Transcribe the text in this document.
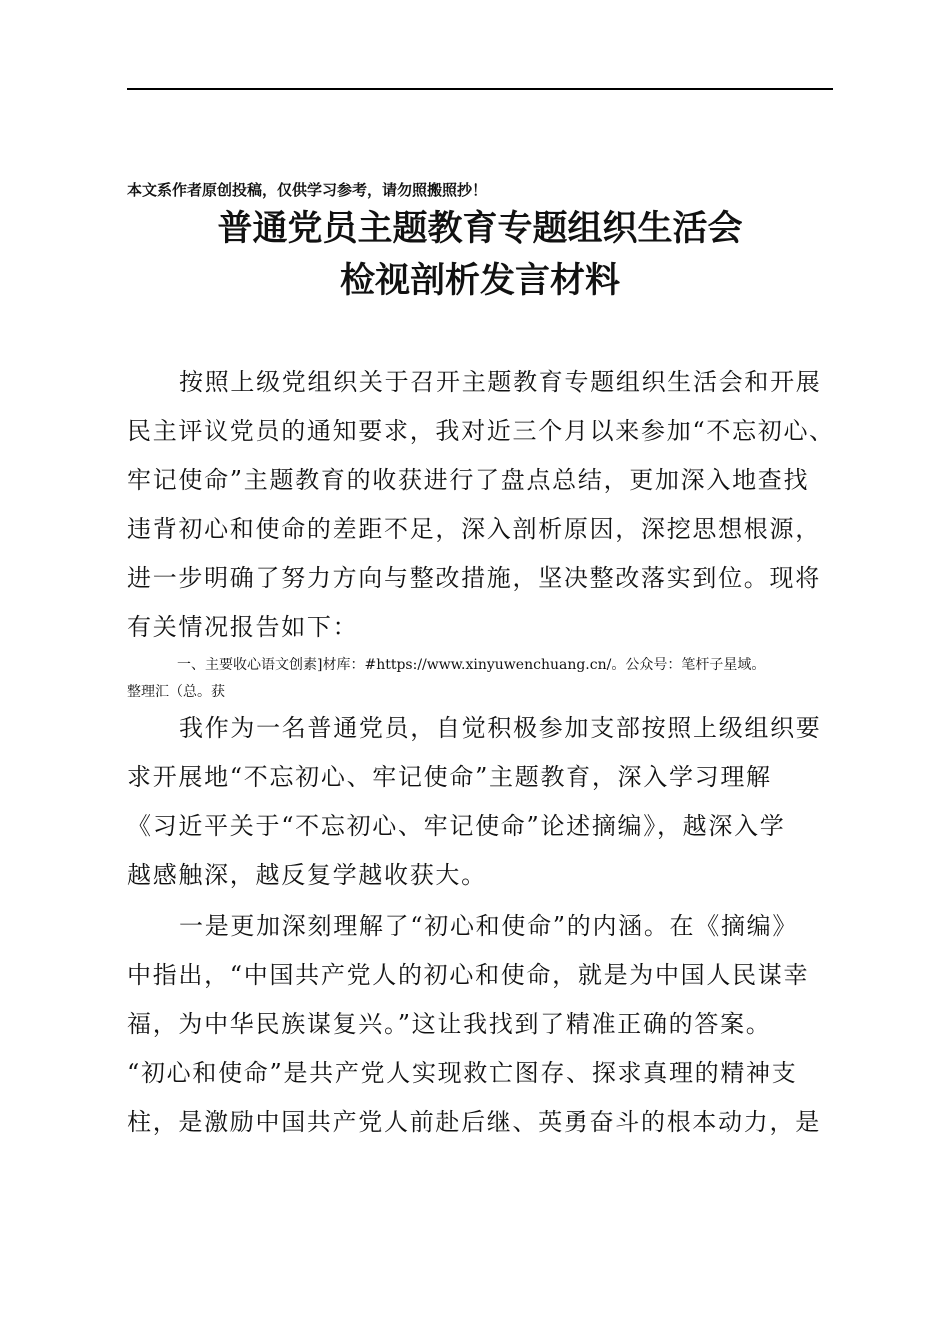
本文系作者原创投稿，仅供学习参考，请勿照搬照抄！
普通党员主题教育专题组织生活会
检视剖析发言材料
按照上级党组织关于召开主题教育专题组织生活会和开展
民主评议党员的通知要求，我对近三个月以来参加“不忘初心、
牢记使命”主题教育的收获进行了盘点总结，更加深入地查找
违背初心和使命的差距不足，深入剖析原因，深挖思想根源，
进一步明确了努力方向与整改措施，坚决整改落实到位。现将
有关情况报告如下：
一、主要收心语文创素]材库：#https://www.xinyuwenchuang.cn/。公众号：笔杆子星域。
整理汇（总。获
我作为一名普通党员，自觉积极参加支部按照上级组织要
求开展地“不忘初心、牢记使命”主题教育，深入学习理解
《习近平关于“不忘初心、牢记使命”论述摘编》，越深入学
越感触深，越反复学越收获大。
一是更加深刻理解了“初心和使命”的内涵。在《摘编》
中指出，“中国共产党人的初心和使命，就是为中国人民谋幸
福，为中华民族谋复兴。”这让我找到了精准正确的答案。
“初心和使命”是共产党人实现救亡图存、探求真理的精神支
柱，是激励中国共产党人前赴后继、英勇奋斗的根本动力，是
